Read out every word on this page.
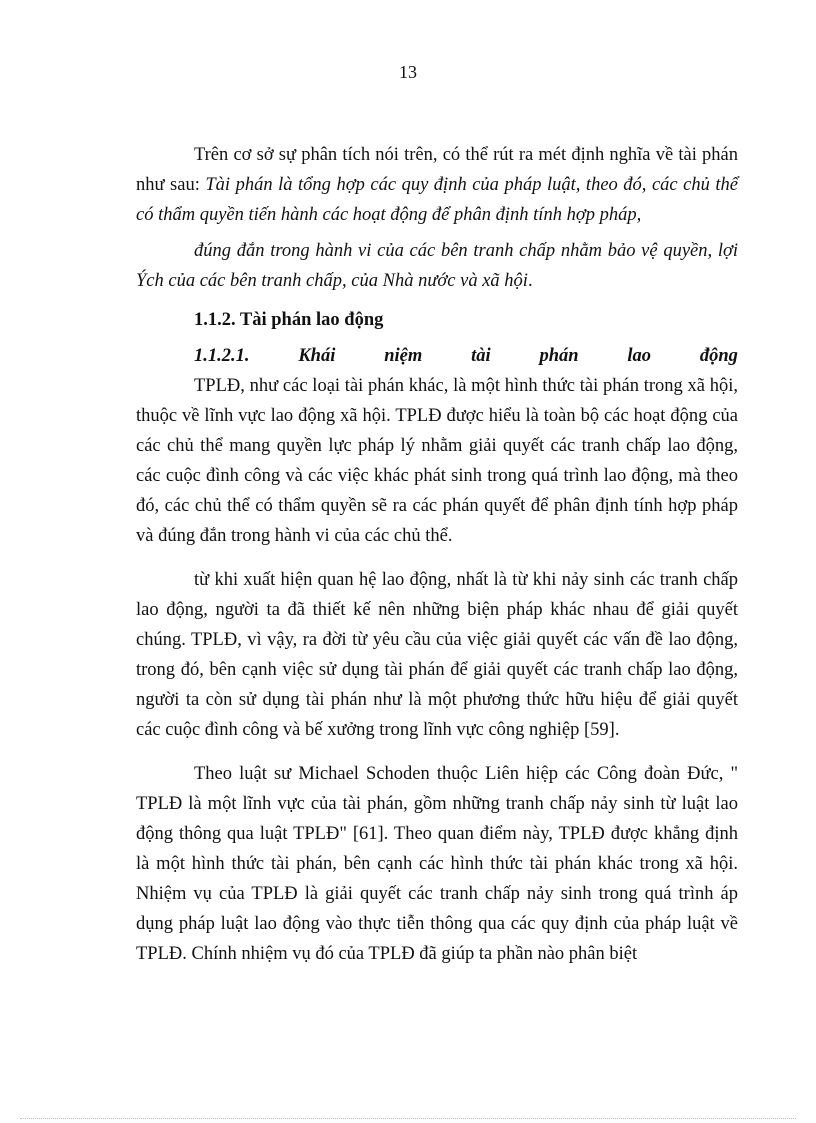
13

Trên cơ sở sự phân tích nói trên, có thể rút ra mét định nghĩa về tài phán như sau: Tài phán là tổng hợp các quy định của pháp luật, theo đó, các chủ thể có thẩm quyền tiến hành các hoạt động để phân định tính hợp pháp,

đúng đắn trong hành vi của các bên tranh chấp nhằm bảo vệ quyền, lợi Ých của các bên tranh chấp, của Nhà nước và xã hội.

1.1.2. Tài phán lao động
1.1.2.1.	Khái	niệm	tài	phán	lao	động

TPLĐ, như các loại tài phán khác, là một hình thức tài phán trong xã hội, thuộc về lĩnh vực lao động xã hội. TPLĐ được hiểu là toàn bộ các hoạt động của các chủ thể mang quyền lực pháp lý nhằm giải quyết các tranh chấp lao động, các cuộc đình công và các việc khác phát sinh trong quá trình lao động, mà theo đó, các chủ thể có thẩm quyền sẽ ra các phán quyết để phân định tính hợp pháp và đúng đắn trong hành vi của các chủ thể.

từ khi xuất hiện quan hệ lao động, nhất là từ khi nảy sinh các tranh chấp lao động, người ta đã thiết kế nên những biện pháp khác nhau để giải quyết chúng. TPLĐ, vì vậy, ra đời từ yêu cầu của việc giải quyết các vấn đề lao động, trong đó, bên cạnh việc sử dụng tài phán để giải quyết các tranh chấp lao động, người ta còn sử dụng tài phán như là một phương thức hữu hiệu để giải quyết các cuộc đình công và bế xưởng trong lĩnh vực công nghiệp [59].

Theo luật sư Michael Schoden thuộc Liên hiệp các Công đoàn Đức, " TPLĐ là một lĩnh vực của tài phán, gồm những tranh chấp nảy sinh từ luật lao động thông qua luật TPLĐ" [61]. Theo quan điểm này, TPLĐ được khẳng định là một hình thức tài phán, bên cạnh các hình thức tài phán khác trong xã hội. Nhiệm vụ của TPLĐ là giải quyết các tranh chấp nảy sinh trong quá trình áp dụng pháp luật lao động vào thực tiễn thông qua các quy định của pháp luật về TPLĐ. Chính nhiệm vụ đó của TPLĐ đã giúp ta phần nào phân biệt
